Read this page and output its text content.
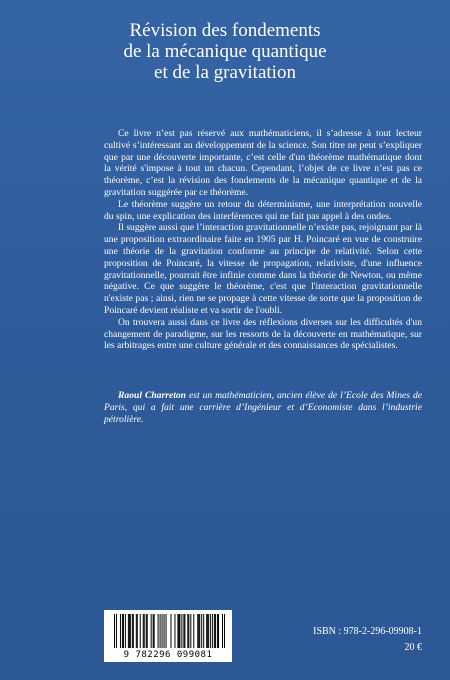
Révision des fondements
de la mécanique quantique
et de la gravitation

Ce livre n’est pas réservé aux mathématiciens, il s’adresse à tout lecteur cultivé s’intéressant au développement de la science. Son titre ne peut s’expliquer que par une découverte importante, c’est celle d'un théorème mathématique dont la vérité s'impose à tout un chacun. Cependant, l’objet de ce livre n’est pas ce théorème, c’est la révision des fondements de la mécanique quantique et de la gravitation suggérée par ce théorème.

Le théorème suggère un retour du déterminisme, une interprétation nouvelle du spin, une explication des interférences qui ne fait pas appel à des ondes.

Il suggère aussi que l’interaction gravitationnelle n’existe pas, rejoignant par là une proposition extraordinaire faite en 1905 par H. Poincaré en vue de construire une théorie de la gravitation conforme au principe de relativité. Selon cette proposition de Poincaré, la vitesse de propagation, relativiste, d'une influence gravitationnelle, pourrait être infinie comme dans la théorie de Newton, ou même négative. Ce que suggère le théorème, c'est que l'interaction gravitationnelle n'existe pas ; ainsi, rien ne se propage à cette vitesse de sorte que la proposition de Poincaré devient réaliste et va sortir de l'oubli.

On trouvera aussi dans ce livre des réflexions diverses sur les difficultés d'un changement de paradigme, sur les ressorts de la découverte en mathématique, sur les arbitrages entre une culture générale et des connaissances de spécialistes.

Raoul Charreton est un mathématicien, ancien élève de l’Ecole des Mines de Paris, qui a fait une carrière d’Ingénieur et d’Economiste dans l’industrie pétrolière.

9 782296 099081
ISBN : 978-2-296-09908-1
20 €
